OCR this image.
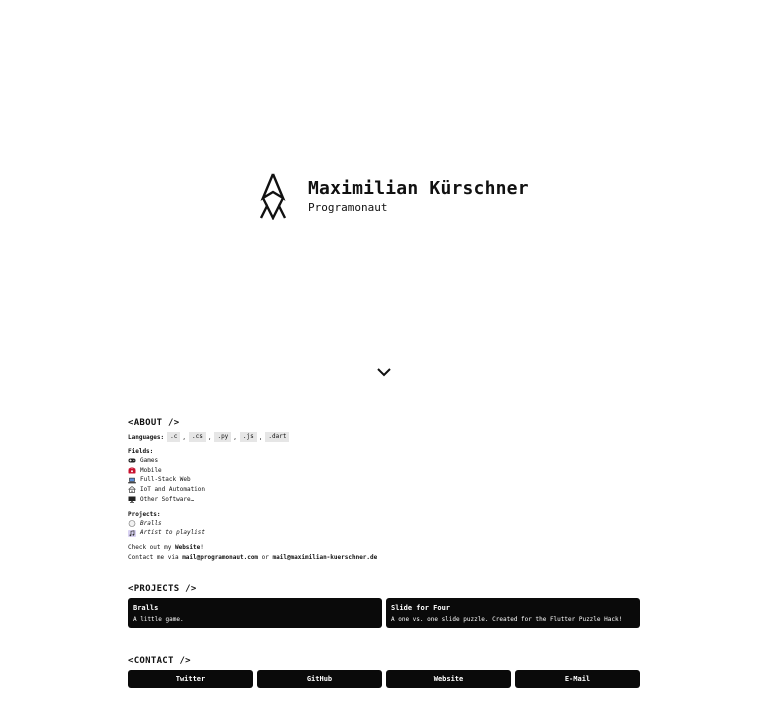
Maximilian Kürschner
Programonaut
<ABOUT />
Languages:	.c ,	.cs ,	.py ,	.js ,	.dart
Fields:
Games
Mobile
Full-Stack Web
IoT and Automation
Other Software…
Projects:
Bralls
Artist to playlist
Check out my Website!
Contact me via mail@programonaut.com or mail@maximilian-kuerschner.de
<PROJECTS />
Bralls
A little game.
Slide for Four
A one vs. one slide puzzle. Created for the Flutter Puzzle Hack!
<CONTACT />
Twitter	GitHub	Website	E-Mail
